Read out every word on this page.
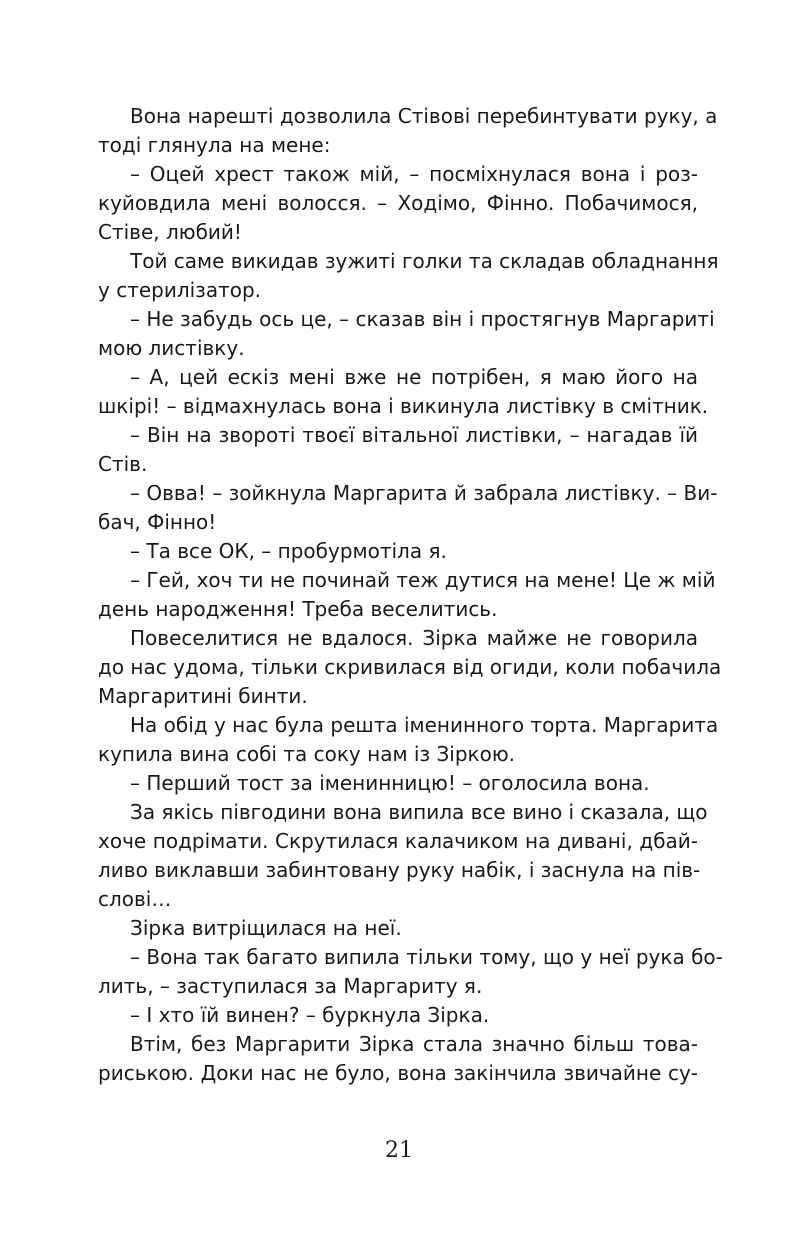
Вона нарешті дозволила Стівові перебинтувати руку, а
тоді глянула на мене:
– Оцей хрест також мій, – посміхнулася вона і роз-
куйовдила мені волосся. – Ходімо, Фінно. Побачимося,
Стіве, любий!
Той саме викидав зужиті голки та складав обладнання
у стерилізатор.
– Не забудь ось це, – сказав він і простягнув Маргариті
мою листівку.
– А, цей ескіз мені вже не потрібен, я маю його на
шкірі! – відмахнулась вона і викинула листівку в смітник.
– Він на звороті твоєї вітальної листівки, – нагадав їй
Стів.
– Овва! – зойкнула Маргарита й забрала листівку. – Ви-
бач, Фінно!
– Та все ОК, – пробурмотіла я.
– Гей, хоч ти не починай теж дутися на мене! Це ж мій
день народження! Треба веселитись.
Повеселитися не вдалося. Зірка майже не говорила
до нас удома, тільки скривилася від огиди, коли побачила
Маргаритині бинти.
На обід у нас була решта іменинного торта. Маргарита
купила вина собі та соку нам із Зіркою.
– Перший тост за іменинницю! – оголосила вона.
За якісь півгодини вона випила все вино і сказала, що
хоче подрімати. Скрутилася калачиком на дивані, дбай-
ливо виклавши забинтовану руку набік, і заснула на пів-
слові…
Зірка витріщилася на неї.
– Вона так багато випила тільки тому, що у неї рука бо-
лить, – заступилася за Маргариту я.
– І хто їй винен? – буркнула Зірка.
Втім, без Маргарити Зірка стала значно більш това-
риською. Доки нас не було, вона закінчила звичайне су-
21
